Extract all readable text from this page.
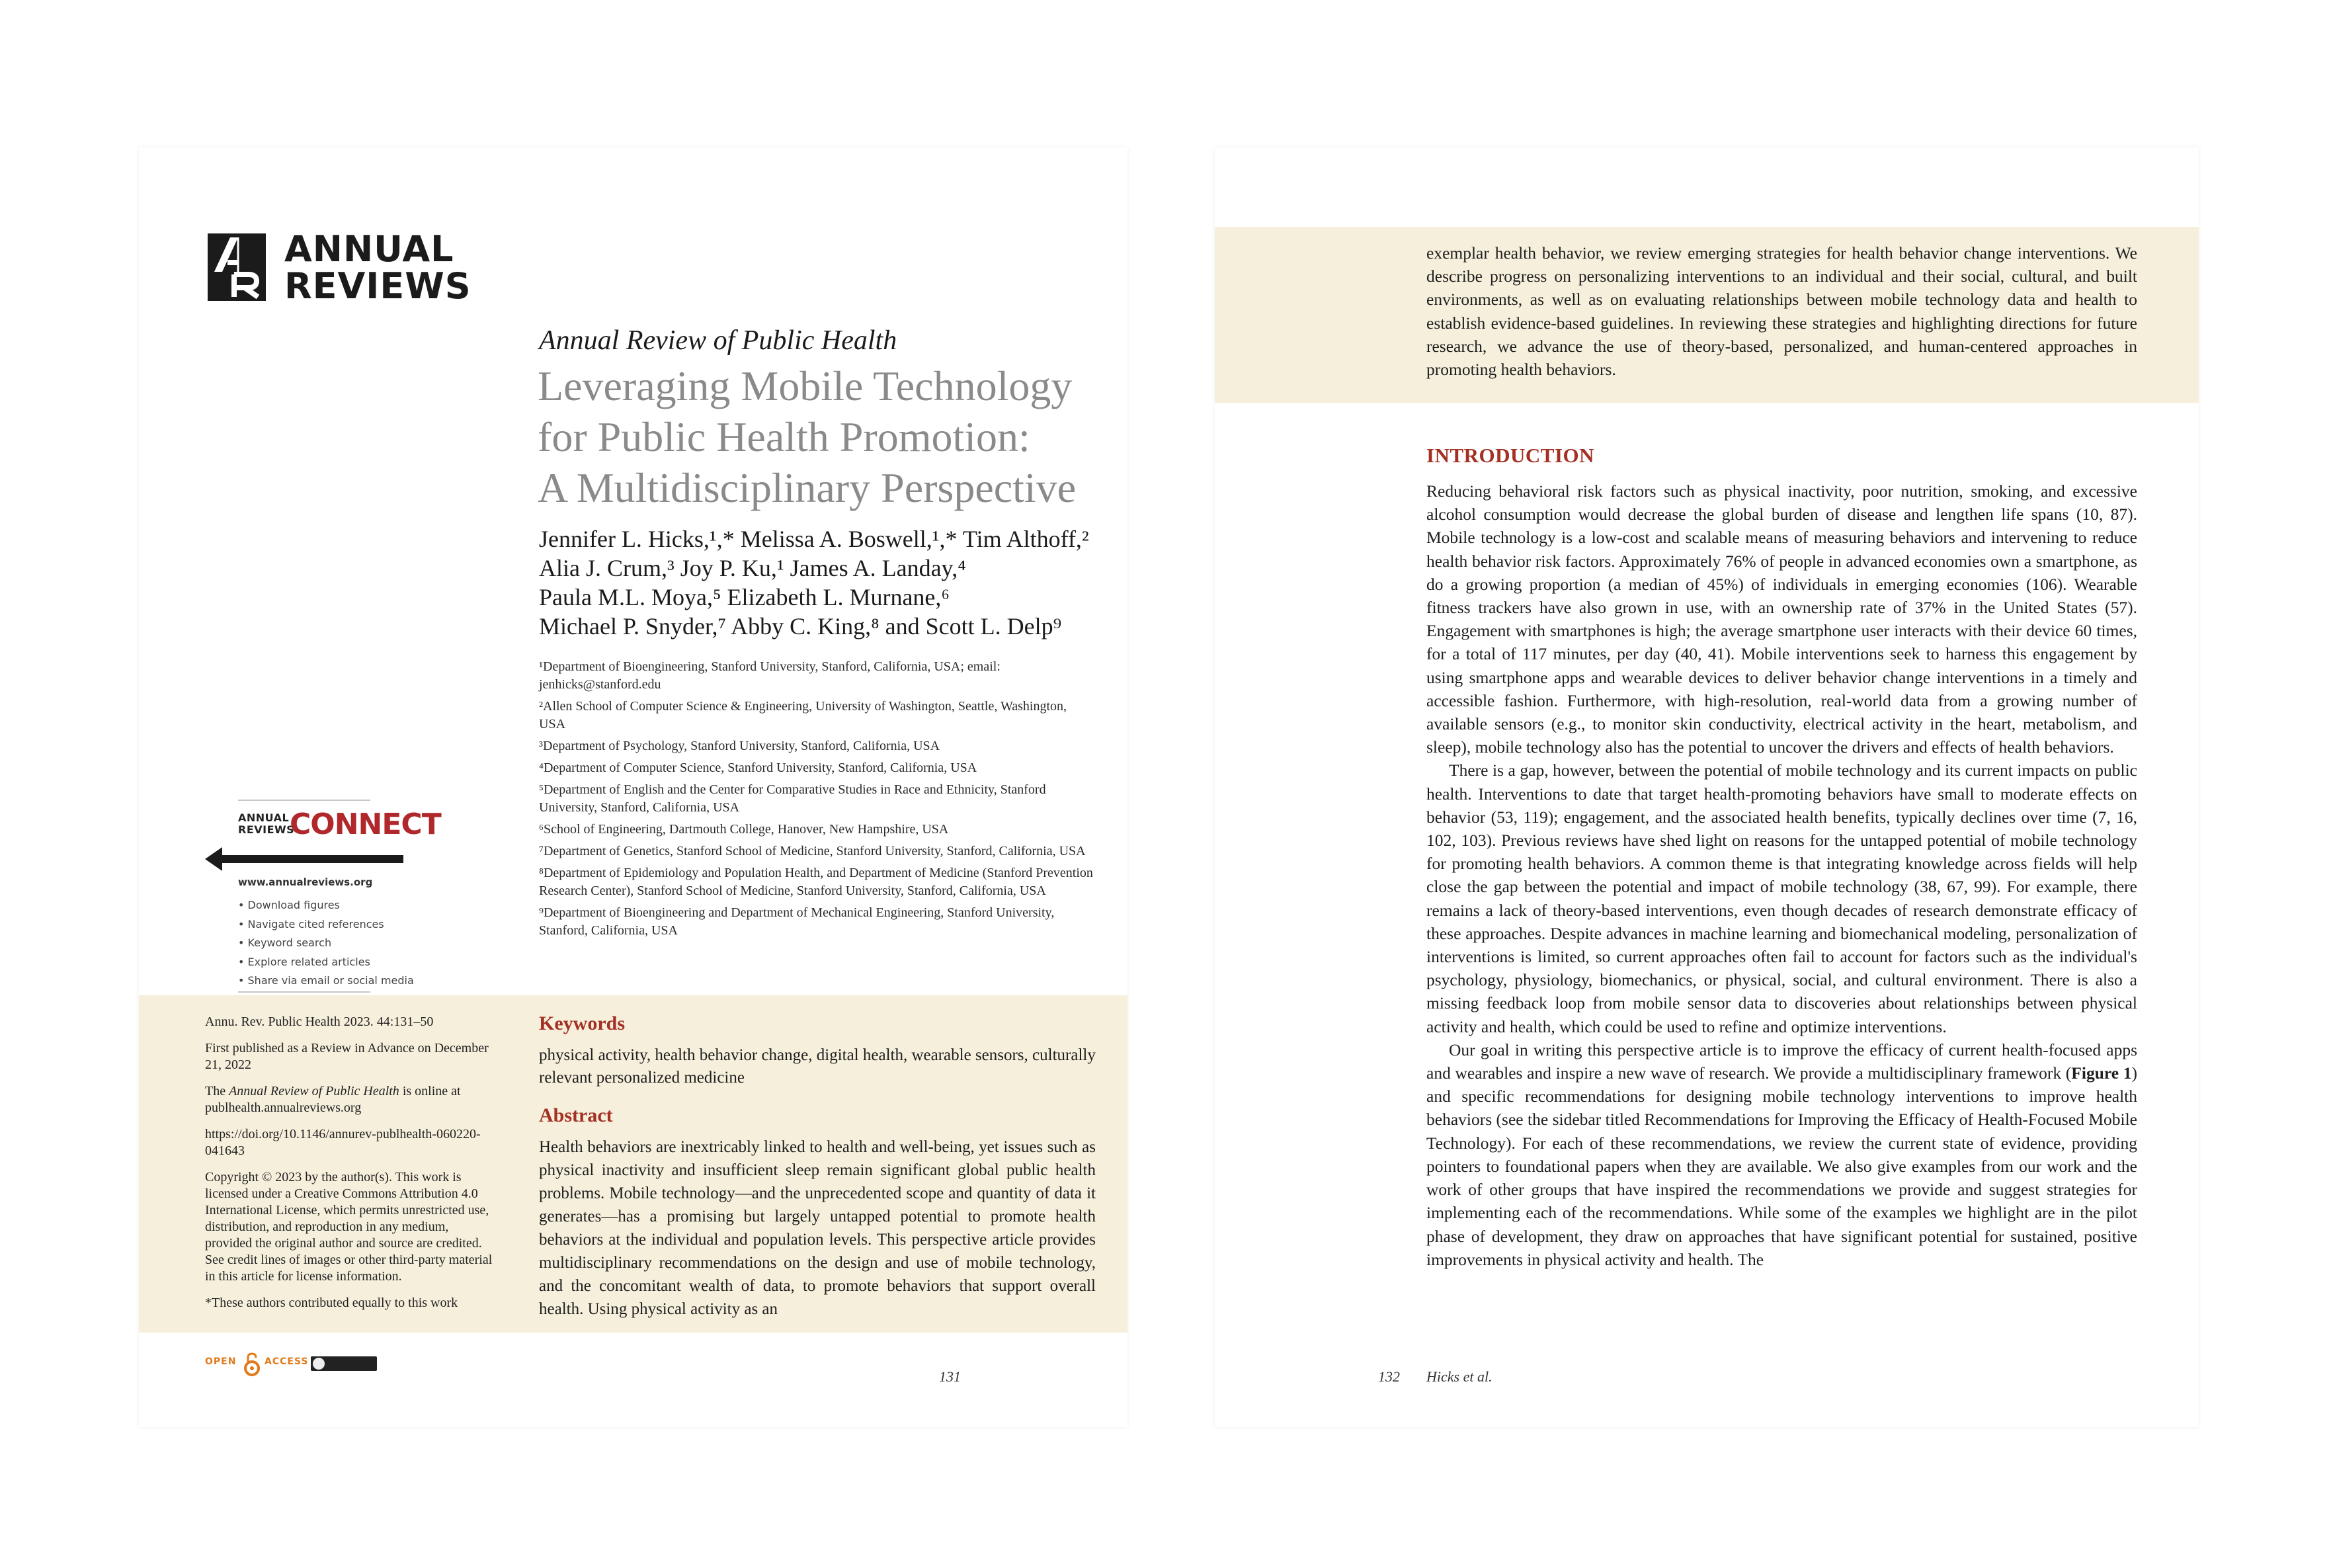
ANNUAL
REVIEWS
Annual Review of Public Health
Leveraging Mobile Technology
for Public Health Promotion:
A Multidisciplinary Perspective
Jennifer L. Hicks,¹,* Melissa A. Boswell,¹,* Tim Althoff,²
Alia J. Crum,³ Joy P. Ku,¹ James A. Landay,⁴
Paula M.L. Moya,⁵ Elizabeth L. Murnane,⁶
Michael P. Snyder,⁷ Abby C. King,⁸ and Scott L. Delp⁹

¹Department of Bioengineering, Stanford University, Stanford, California, USA; email: jenhicks@stanford.edu

²Allen School of Computer Science & Engineering, University of Washington, Seattle, Washington, USA

³Department of Psychology, Stanford University, Stanford, California, USA

⁴Department of Computer Science, Stanford University, Stanford, California, USA

⁵Department of English and the Center for Comparative Studies in Race and Ethnicity, Stanford University, Stanford, California, USA

⁶School of Engineering, Dartmouth College, Hanover, New Hampshire, USA

⁷Department of Genetics, Stanford School of Medicine, Stanford University, Stanford, California, USA

⁸Department of Epidemiology and Population Health, and Department of Medicine (Stanford Prevention Research Center), Stanford School of Medicine, Stanford University, Stanford, California, USA

⁹Department of Bioengineering and Department of Mechanical Engineering, Stanford University, Stanford, California, USA

ANNUAL
REVIEWS
CONNECT
www.annualreviews.org
• Download figures
• Navigate cited references
• Keyword search
• Explore related articles
• Share via email or social media

Annu. Rev. Public Health 2023. 44:131–50

First published as a Review in Advance on December 21, 2022

The Annual Review of Public Health is online at publhealth.annualreviews.org

https://doi.org/10.1146/annurev-publhealth-060220-041643

Copyright © 2023 by the author(s). This work is licensed under a Creative Commons Attribution 4.0 International License, which permits unrestricted use, distribution, and reproduction in any medium, provided the original author and source are credited. See credit lines of images or other third-party material in this article for license information.

*These authors contributed equally to this work

Keywords
physical activity, health behavior change, digital health, wearable sensors, culturally relevant personalized medicine
Abstract
Health behaviors are inextricably linked to health and well-being, yet issues such as physical inactivity and insufficient sleep remain significant global public health problems. Mobile technology—and the unprecedented scope and quantity of data it generates—has a promising but largely untapped potential to promote health behaviors at the individual and population levels. This perspective article provides multidisciplinary recommendations on the design and use of mobile technology, and the concomitant wealth of data, to promote behaviors that support overall health. Using physical activity as an
OPEN	ACCESS
131
exemplar health behavior, we review emerging strategies for health behavior change interventions. We describe progress on personalizing interventions to an individual and their social, cultural, and built environments, as well as on evaluating relationships between mobile technology data and health to establish evidence-based guidelines. In reviewing these strategies and highlighting directions for future research, we advance the use of theory-based, personalized, and human-centered approaches in promoting health behaviors.
INTRODUCTION

Reducing behavioral risk factors such as physical inactivity, poor nutrition, smoking, and excessive alcohol consumption would decrease the global burden of disease and lengthen life spans (10, 87). Mobile technology is a low-cost and scalable means of measuring behaviors and intervening to reduce health behavior risk factors. Approximately 76% of people in advanced economies own a smartphone, as do a growing proportion (a median of 45%) of individuals in emerging economies (106). Wearable fitness trackers have also grown in use, with an ownership rate of 37% in the United States (57). Engagement with smartphones is high; the average smartphone user interacts with their device 60 times, for a total of 117 minutes, per day (40, 41). Mobile interventions seek to harness this engagement by using smartphone apps and wearable devices to deliver behavior change interventions in a timely and accessible fashion. Furthermore, with high-resolution, real-world data from a growing number of available sensors (e.g., to monitor skin conductivity, electrical activity in the heart, metabolism, and sleep), mobile technology also has the potential to uncover the drivers and effects of health behaviors.

There is a gap, however, between the potential of mobile technology and its current impacts on public health. Interventions to date that target health-promoting behaviors have small to moderate effects on behavior (53, 119); engagement, and the associated health benefits, typically declines over time (7, 16, 102, 103). Previous reviews have shed light on reasons for the untapped potential of mobile technology for promoting health behaviors. A common theme is that integrating knowledge across fields will help close the gap between the potential and impact of mobile technology (38, 67, 99). For example, there remains a lack of theory-based interventions, even though decades of research demonstrate efficacy of these approaches. Despite advances in machine learning and biomechanical modeling, personalization of interventions is limited, so current approaches often fail to account for factors such as the individual's psychology, physiology, biomechanics, or physical, social, and cultural environment. There is also a missing feedback loop from mobile sensor data to discoveries about relationships between physical activity and health, which could be used to refine and optimize interventions.

Our goal in writing this perspective article is to improve the efficacy of current health-focused apps and wearables and inspire a new wave of research. We provide a multidisciplinary framework (Figure 1) and specific recommendations for designing mobile technology interventions to improve health behaviors (see the sidebar titled Recommendations for Improving the Efficacy of Health-Focused Mobile Technology). For each of these recommendations, we review the current state of evidence, providing pointers to foundational papers when they are available. We also give examples from our work and the work of other groups that have inspired the recommendations we provide and suggest strategies for implementing each of the recommendations. While some of the examples we highlight are in the pilot phase of development, they draw on approaches that have significant potential for sustained, positive improvements in physical activity and health. The

132 Hicks et al.
